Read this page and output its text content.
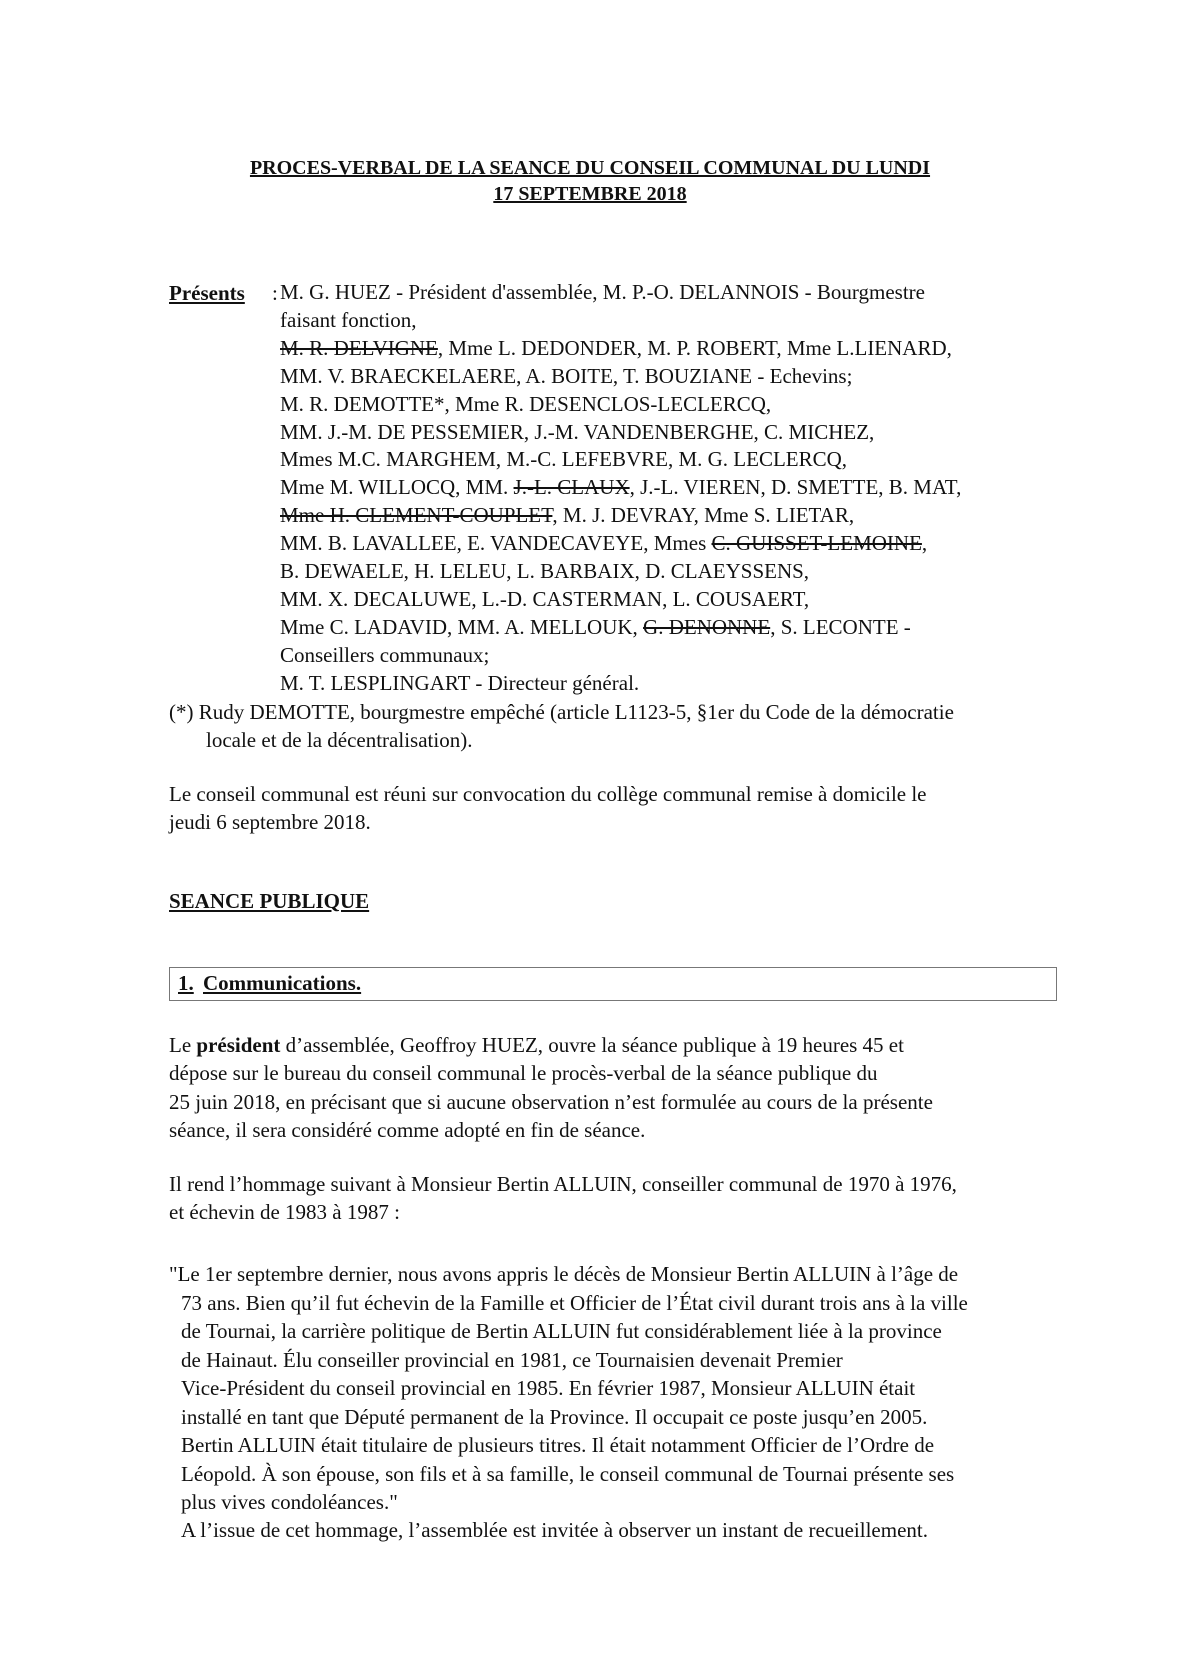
PROCES-VERBAL DE LA SEANCE DU CONSEIL COMMUNAL DU LUNDI
17 SEPTEMBRE 2018
Présents : M. G. HUEZ - Président d'assemblée, M. P.-O. DELANNOIS - Bourgmestre
faisant fonction,
M. R. DELVIGNE, Mme L. DEDONDER, M. P. ROBERT, Mme L.LIENARD,
MM. V. BRAECKELAERE, A. BOITE, T. BOUZIANE - Echevins;
M. R. DEMOTTE*, Mme R. DESENCLOS-LECLERCQ,
MM. J.-M. DE PESSEMIER, J.-M. VANDENBERGHE, C. MICHEZ,
Mmes M.C. MARGHEM, M.-C. LEFEBVRE, M. G. LECLERCQ,
Mme M. WILLOCQ, MM. J.-L. CLAUX, J.-L. VIEREN, D. SMETTE, B. MAT,
Mme H. CLEMENT-COUPLET, M. J. DEVRAY, Mme S. LIETAR,
MM. B. LAVALLEE, E. VANDECAVEYE, Mmes C. GUISSET-LEMOINE,
B. DEWAELE, H. LELEU, L. BARBAIX, D. CLAEYSSENS,
MM. X. DECALUWE, L.-D. CASTERMAN, L. COUSAERT,
Mme C. LADAVID, MM. A. MELLOUK, G. DENONNE, S. LECONTE -
Conseillers communaux;
M. T. LESPLINGART - Directeur général.
(*) Rudy DEMOTTE, bourgmestre empêché (article L1123-5, §1er du Code de la démocratie
locale et de la décentralisation).
Le conseil communal est réuni sur convocation du collège communal remise à domicile le
jeudi 6 septembre 2018.
SEANCE PUBLIQUE
1. Communications.
Le président d’assemblée, Geoffroy HUEZ, ouvre la séance publique à 19 heures 45 et
dépose sur le bureau du conseil communal le procès-verbal de la séance publique du
25 juin 2018, en précisant que si aucune observation n’est formulée au cours de la présente
séance, il sera considéré comme adopté en fin de séance.
Il rend l’hommage suivant à Monsieur Bertin ALLUIN, conseiller communal de 1970 à 1976,
et échevin de 1983 à 1987 :
"Le 1er septembre dernier, nous avons appris le décès de Monsieur Bertin ALLUIN à l’âge de
73 ans. Bien qu’il fut échevin de la Famille et Officier de l’État civil durant trois ans à la ville
de Tournai, la carrière politique de Bertin ALLUIN fut considérablement liée à la province
de Hainaut. Élu conseiller provincial en 1981, ce Tournaisien devenait Premier
Vice-Président du conseil provincial en 1985. En février 1987, Monsieur ALLUIN était
installé en tant que Député permanent de la Province. Il occupait ce poste jusqu’en 2005.
Bertin ALLUIN était titulaire de plusieurs titres. Il était notamment Officier de l’Ordre de
Léopold. À son épouse, son fils et à sa famille, le conseil communal de Tournai présente ses
plus vives condoléances."
A l’issue de cet hommage, l’assemblée est invitée à observer un instant de recueillement.
